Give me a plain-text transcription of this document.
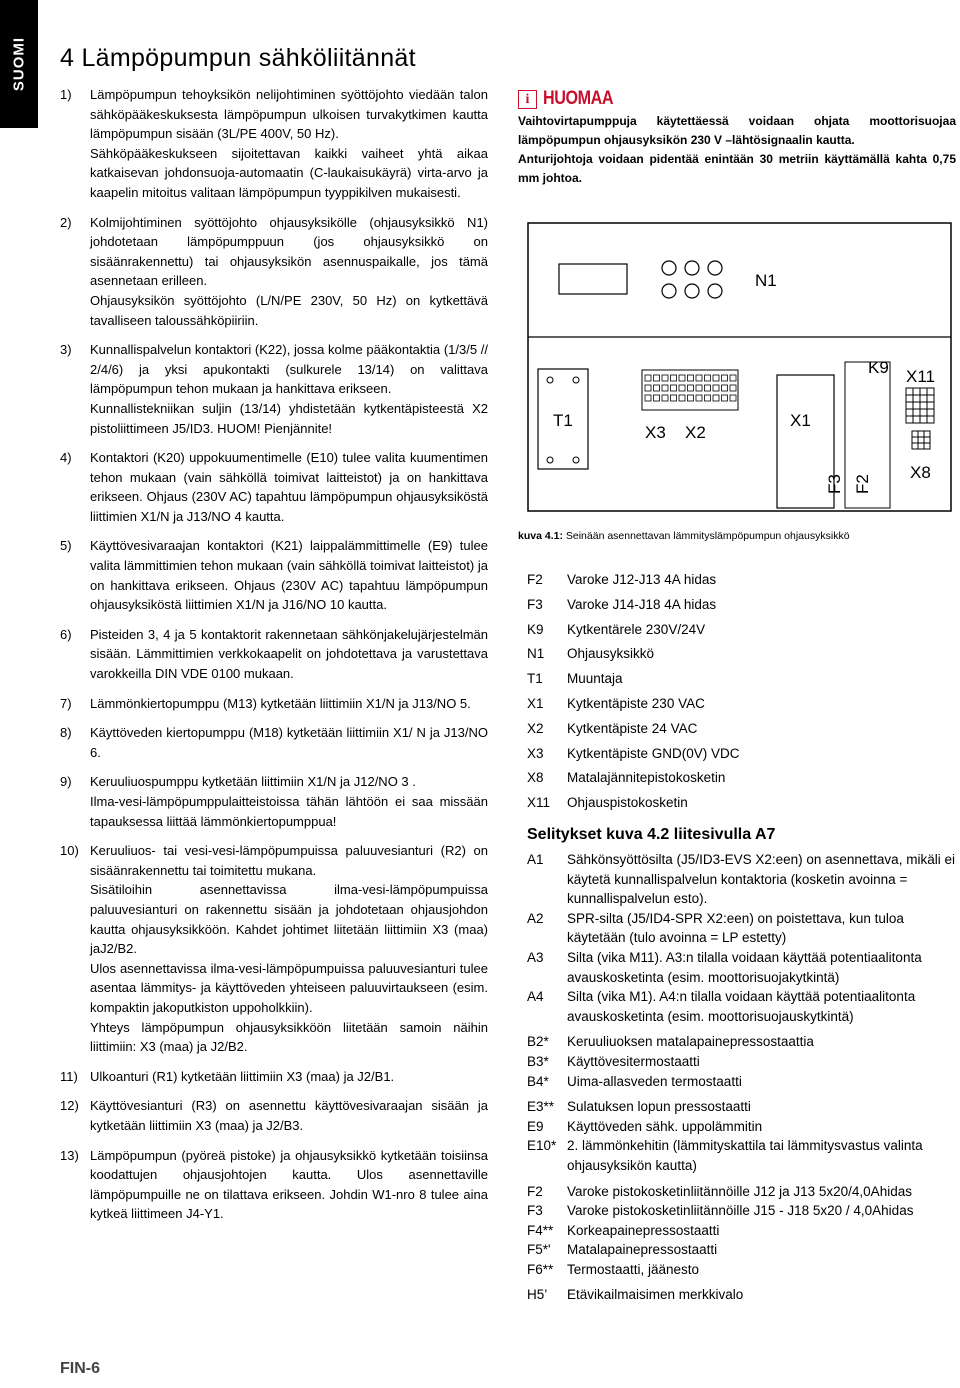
SUOMI 4 Lämpöpumpun sähköliitännät
1)	Lämpöpumpun tehoyksikön nelijohtiminen syöttöjohto viedään talon sähköpääkeskuksesta lämpöpumpun ulkoisen turvakytkimen kautta lämpöpumpun sisään (3L/PE 400V, 50 Hz).

Sähköpääkeskukseen sijoitettavan kaikki vaiheet yhtä aikaa katkaisevan johdonsuoja-automaatin (C-laukaisukäyrä) virta-arvo ja kaapelin mitoitus valitaan lämpöpumpun tyyppikilven mukaisesti.

2)	Kolmijohtiminen syöttöjohto ohjausyksikölle (ohjausyksikkö N1) johdotetaan lämpöpumppuun (jos ohjausyksikkö on sisäänrakennettu) tai ohjausyksikön asennuspaikalle, jos tämä asennetaan erilleen.

Ohjausyksikön syöttöjohto (L/N/PE 230V, 50 Hz) on kytkettävä tavalliseen taloussähköpiiriin.

3)	Kunnallispalvelun kontaktori (K22), jossa kolme pääkontaktia (1/3/5 // 2/4/6) ja yksi apukontakti (sulkurele 13/14) on valittava lämpöpumpun tehon mukaan ja hankittava erikseen.

Kunnallistekniikan suljin (13/14) yhdistetään kytkentäpisteestä X2 pistoliittimeen J5/ID3. HUOM! Pienjännite!

4)	Kontaktori (K20) uppokuumentimelle (E10) tulee valita kuumentimen tehon mukaan (vain sähköllä toimivat laitteistot) ja on hankittava erikseen. Ohjaus (230V AC) tapahtuu lämpöpumpun ohjausyksiköstä liittimien X1/N ja J13/NO 4 kautta.

5)	Käyttövesivaraajan kontaktori (K21) laippalämmittimelle (E9) tulee valita lämmittimien tehon mukaan (vain sähköllä toimivat laitteistot) ja on hankittava erikseen. Ohjaus (230V AC) tapahtuu lämpöpumpun ohjausyksiköstä liittimien X1/N ja J16/NO 10 kautta.

6)	Pisteiden 3, 4 ja 5 kontaktorit rakennetaan sähkönjakelujärjestelmän sisään. Lämmittimien verkkokaapelit on johdotettava ja varustettava varokkeilla DIN VDE 0100 mukaan.

7)	Lämmönkiertopumppu (M13) kytketään liittimiin X1/N ja J13/NO 5.

8)	Käyttöveden kiertopumppu (M18) kytketään liittimiin X1/ N ja J13/NO 6.

9)	Keruuliuospumppu kytketään liittimiin X1/N ja J12/NO 3 .

Ilma-vesi-lämpöpumppulaitteistoissa tähän lähtöön ei saa missään tapauksessa liittää lämmönkiertopumppua!

10) Keruuliuos- tai vesi-vesi-lämpöpumpuissa paluuvesianturi (R2) on sisäänrakennettu tai toimitettu mukana.

Sisätiloihin asennettavissa ilma-vesi-lämpöpumpuissa paluuvesianturi on rakennettu sisään ja johdotetaan ohjausjohdon kautta ohjausyksikköön. Kahdet johtimet liitetään liittimiin X3 (maa) jaJ2/B2.

Ulos asennettavissa ilma-vesi-lämpöpumpuissa paluuvesianturi tulee asentaa lämmitys- ja käyttöveden yhteiseen paluuvirtaukseen (esim. kompaktin jakoputkiston uppoholkkiin).

Yhteys lämpöpumpun ohjausyksikköön liitetään samoin näihin liittimiin: X3 (maa) ja J2/B2.

11) Ulkoanturi (R1) kytketään liittimiin X3 (maa) ja J2/B1.

12) Käyttövesianturi (R3) on asennettu käyttövesivaraajan sisään ja kytketään liittimiin X3 (maa) ja J2/B3.

13) Lämpöpumpun (pyöreä pistoke) ja ohjausyksikkö kytketään toisiinsa koodattujen ohjausjohtojen kautta. Ulos asennettaville lämpöpumpuille ne on tilattava erikseen. Johdin W1-nro 8 tulee aina kytkeä liittimeen J4-Y1.

i HUOMAA

Vaihtovirtapumppuja käytettäessä voidaan ohjata moottorisuojaa lämpöpumpun ohjausyksikön 230 V –lähtösignaalin kautta.

Anturijohtoja voidaan pidentää enintään 30 metriin käyttämällä kahta 0,75 mm johtoa.

N1
T1
X3 X2
X1
K9
F3 F2
X11
X8
kuva 4.1: Seinään asennettavan lämmityslämpöpumpun ohjausyksikkö
F2	Varoke J12-J13 4A hidas
F3	Varoke J14-J18 4A hidas
K9	Kytkentärele 230V/24V
N1	Ohjausyksikkö
T1	Muuntaja
X1	Kytkentäpiste 230 VAC
X2	Kytkentäpiste 24 VAC
X3	Kytkentäpiste GND(0V) VDC
X8	Matalajännitepistokosketin
X11	Ohjauspistokosketin
Selitykset kuva 4.2 liitesivulla A7
A1	Sähkönsyöttösilta (J5/ID3-EVS X2:een) on asennettava, mikäli ei käytetä kunnallispalvelun kontaktoria (kosketin avoinna = kunnallispalvelun esto).
A2	SPR-silta (J5/ID4-SPR X2:een) on poistettava, kun tuloa käytetään (tulo avoinna = LP estetty)
A3	Silta (vika M11). A3:n tilalla voidaan käyttää potentiaalitonta avauskosketinta (esim. moottorisuojakytkintä)
A4	Silta (vika M1). A4:n tilalla voidaan käyttää potentiaalitonta avauskosketinta (esim. moottorisuojauskytkintä)
B2*	Keruuliuoksen matalapainepressostaattia
B3*	Käyttövesitermostaatti
B4*	Uima-allasveden termostaatti
E3** Sulatuksen lopun pressostaatti
E9	Käyttöveden sähk. uppolämmitin
E10* 2. lämmönkehitin (lämmityskattila tai lämmitysvastus valinta ohjausyksikön kautta)
F2	Varoke pistokosketinliitännöille J12 ja J13 5x20/4,0Ahidas
F3	Varoke pistokosketinliitännöille J15 - J18 5x20 / 4,0Ahidas
F4**	Korkeapainepressostaatti
F5*'	Matalapainepressostaatti
F6**	Termostaatti, jäänesto
H5’	Etävikailmaisimen merkkivalo
FIN-6
